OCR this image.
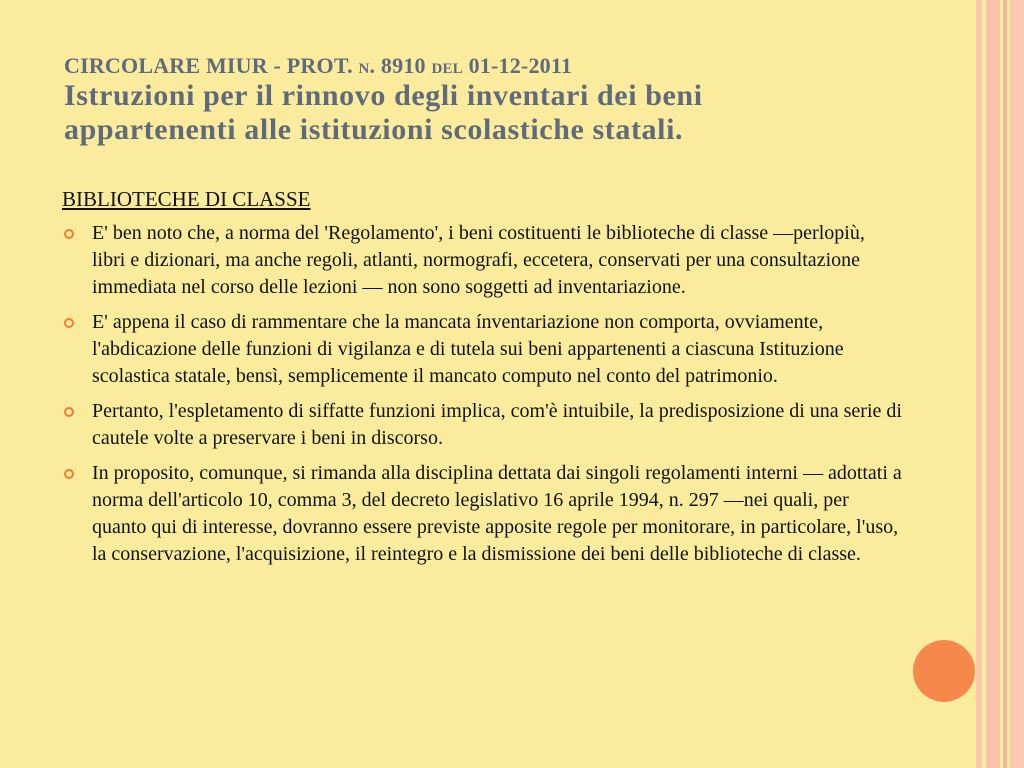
CIRCOLARE MIUR - PROT. n. 8910 del 01-12-2011
Istruzioni per il rinnovo degli inventari dei beni
appartenenti alle istituzioni scolastiche statali.
BIBLIOTECHE DI CLASSE
E' ben noto che, a norma del 'Regolamento', i beni costituenti le biblioteche di classe —perlopiù, libri e dizionari, ma anche regoli, atlanti, normografi, eccetera, conservati per una consultazione immediata nel corso delle lezioni — non sono soggetti ad inventariazione.
E' appena il caso di rammentare che la mancata ínventariazione non comporta, ovviamente, l'abdicazione delle funzioni di vigilanza e di tutela sui beni appartenenti a ciascuna Istituzione scolastica statale, bensì, semplicemente il mancato computo nel conto del patrimonio.
Pertanto, l'espletamento di siffatte funzioni implica, com'è intuibile, la predisposizione di una serie di cautele volte a preservare i beni in discorso.
In proposito, comunque, si rimanda alla disciplina dettata dai singoli regolamenti interni — adottati a norma dell'articolo 10, comma 3, del decreto legislativo 16 aprile 1994, n. 297 —nei quali, per quanto qui di interesse, dovranno essere previste apposite regole per monitorare, in particolare, l'uso, la conservazione, l'acquisizione, il reintegro e la dismissione dei beni delle biblioteche di classe.
